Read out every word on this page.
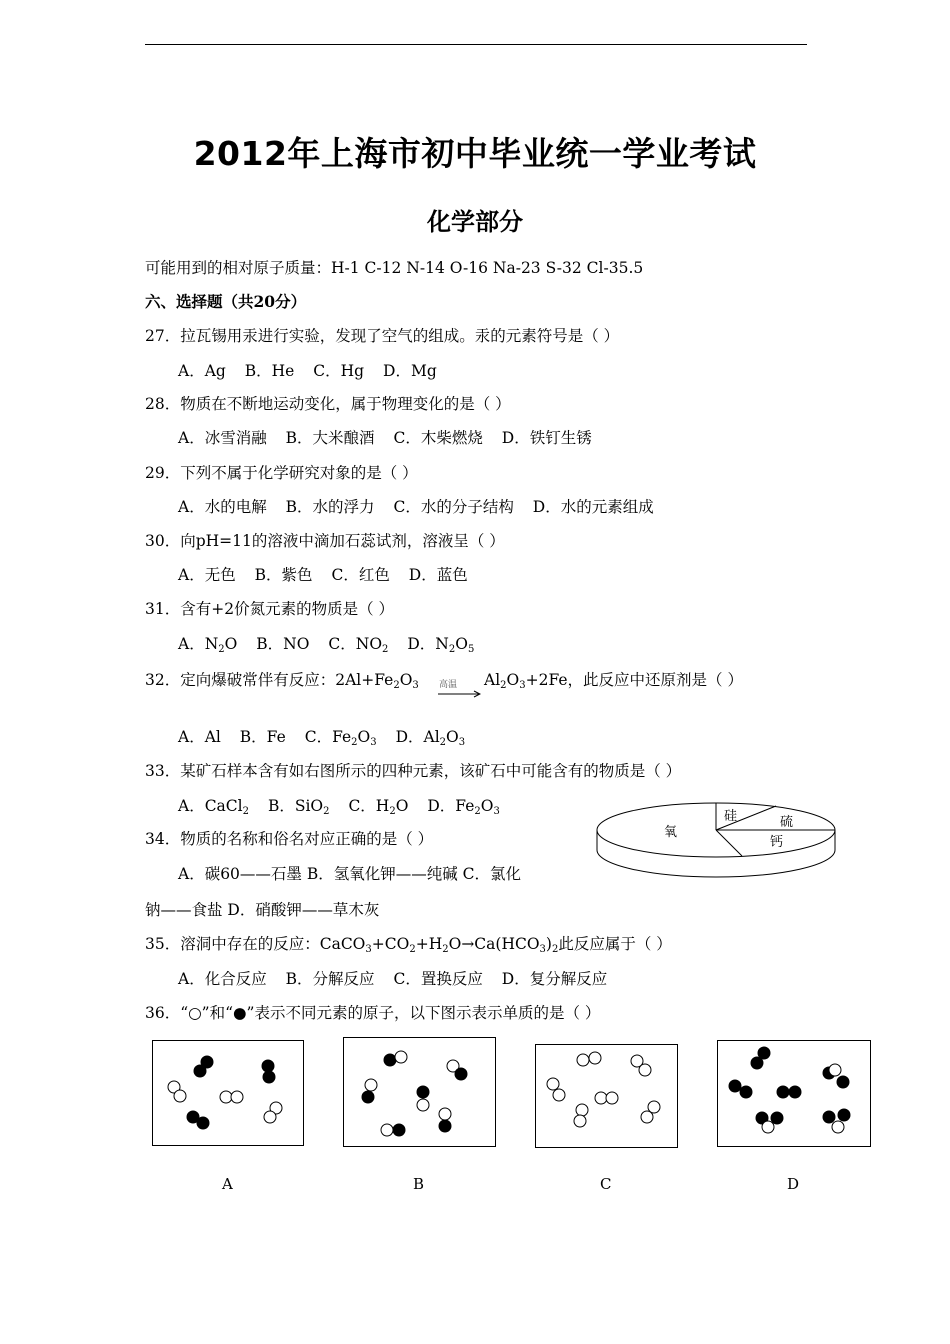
2012年上海市初中毕业统一学业考试
化学部分
可能用到的相对原子质量：H-1 C-12 N-14 O-16 Na-23 S-32 Cl-35.5
六、选择题（共20分）
27．拉瓦锡用汞进行实验，发现了空气的组成。汞的元素符号是（ ）
A．Ag B．He C．Hg D．Mg
28．物质在不断地运动变化，属于物理变化的是（ ）
A．冰雪消融 B．大米酿酒 C．木柴燃烧 D．铁钉生锈
29．下列不属于化学研究对象的是（ ）
A．水的电解 B．水的浮力 C．水的分子结构 D．水的元素组成
30．向pH=11的溶液中滴加石蕊试剂，溶液呈（ ）
A．无色 B．紫色 C．红色 D．蓝色
31．含有+2价氮元素的物质是（ ）
A．$N_2O$ B．NO C．$NO_2$ D．$N_2O_5$
32．定向爆破常伴有反应：$2Al+Fe_2O_3$ 高温 $Al_2O_3+2Fe$，此反应中还原剂是（ ）
A．Al B．Fe C．$Fe_2O_3$ D．$Al_2O_3$
33．某矿石样本含有如右图所示的四种元素，该矿石中可能含有的物质是（ ）
A．CaCl$_2$ B．SiO$_2$ C．$H_2O$ D．$Fe_2O_3$
氧
硅	硫
钙
34．物质的名称和俗名对应正确的是（ ）
A．碳60——石墨 B．氢氧化钾——纯碱 C．氯化
钠——食盐 D．硝酸钾——草木灰
35．溶洞中存在的反应：$CaCO_3+CO_2+H_2O\to Ca(HCO_3)_2$此反应属于（ ）
A．化合反应 B．分解反应 C．置换反应 D．复分解反应
36．“○”和“●”表示不同元素的原子，以下图示表示单质的是（ ）
A	B	C	D
